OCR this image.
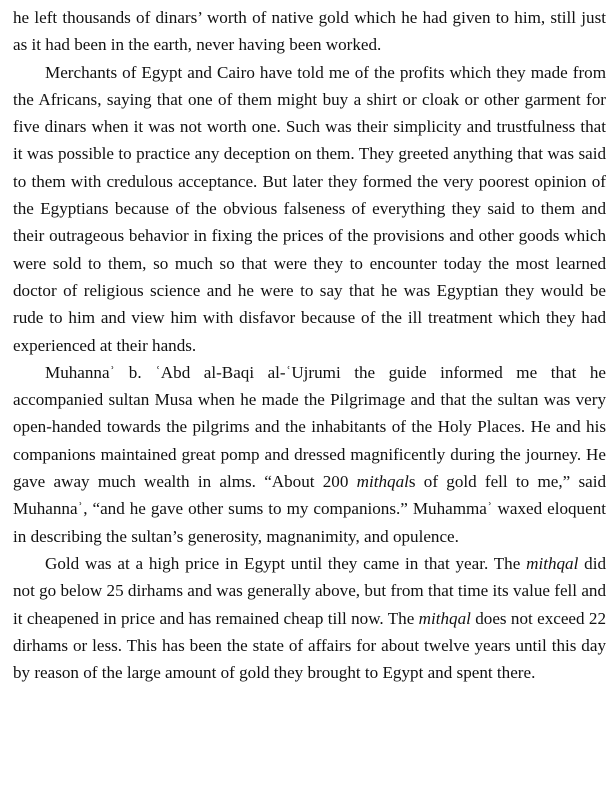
he left thousands of dinars’ worth of native gold which he had given to him, still just as it had been in the earth, never having been worked.

Merchants of Egypt and Cairo have told me of the profits which they made from the Africans, saying that one of them might buy a shirt or cloak or other garment for five dinars when it was not worth one. Such was their simplicity and trustfulness that it was possible to practice any deception on them. They greeted anything that was said to them with credulous acceptance. But later they formed the very poorest opinion of the Egyptians because of the obvious falseness of everything they said to them and their outrageous behavior in fixing the prices of the provisions and other goods which were sold to them, so much so that were they to encounter today the most learned doctor of religious science and he were to say that he was Egyptian they would be rude to him and view him with disfavor because of the ill treatment which they had experienced at their hands.

Muhannaʾ b. ʿAbd al-Baqi al-ʿUjrumi the guide informed me that he accompanied sultan Musa when he made the Pilgrimage and that the sultan was very open-handed towards the pilgrims and the inhabitants of the Holy Places. He and his companions maintained great pomp and dressed magnificently during the journey. He gave away much wealth in alms. “About 200 mithqals of gold fell to me,” said Muhannaʾ, “and he gave other sums to my companions.” Muhammaʾ waxed eloquent in describing the sultan’s generosity, magnanimity, and opulence.

Gold was at a high price in Egypt until they came in that year. The mithqal did not go below 25 dirhams and was generally above, but from that time its value fell and it cheapened in price and has remained cheap till now. The mithqal does not exceed 22 dirhams or less. This has been the state of affairs for about twelve years until this day by reason of the large amount of gold they brought to Egypt and spent there.
